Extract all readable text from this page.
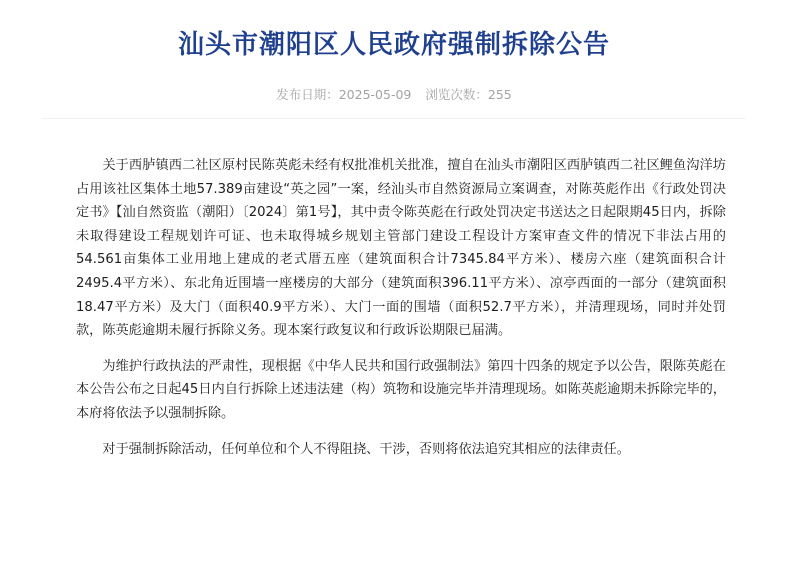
汕头市潮阳区人民政府强制拆除公告
发布日期：2025-05-09 浏览次数：255

关于西胪镇西二社区原村民陈英彪未经有权批准机关批准，擅自在汕头市潮阳区西胪镇西二社区鲤鱼沟洋坊占用该社区集体土地57.389亩建设“英之园”一案，经汕头市自然资源局立案调查，对陈英彪作出《行政处罚决定书》【汕自然资监（潮阳）〔2024〕第1号】，其中责令陈英彪在行政处罚决定书送达之日起限期45日内，拆除未取得建设工程规划许可证、也未取得城乡规划主管部门建设工程设计方案审查文件的情况下非法占用的54.561亩集体工业用地上建成的老式厝五座（建筑面积合计7345.84平方米）、楼房六座（建筑面积合计2495.4平方米）、东北角近围墙一座楼房的大部分（建筑面积396.11平方米）、凉亭西面的一部分（建筑面积18.47平方米）及大门（面积40.9平方米）、大门一面的围墙（面积52.7平方米），并清理现场，同时并处罚款，陈英彪逾期未履行拆除义务。现本案行政复议和行政诉讼期限已届满。

为维护行政执法的严肃性，现根据《中华人民共和国行政强制法》第四十四条的规定予以公告，限陈英彪在本公告公布之日起45日内自行拆除上述违法建（构）筑物和设施完毕并清理现场。如陈英彪逾期未拆除完毕的，本府将依法予以强制拆除。

对于强制拆除活动，任何单位和个人不得阻挠、干涉，否则将依法追究其相应的法律责任。
